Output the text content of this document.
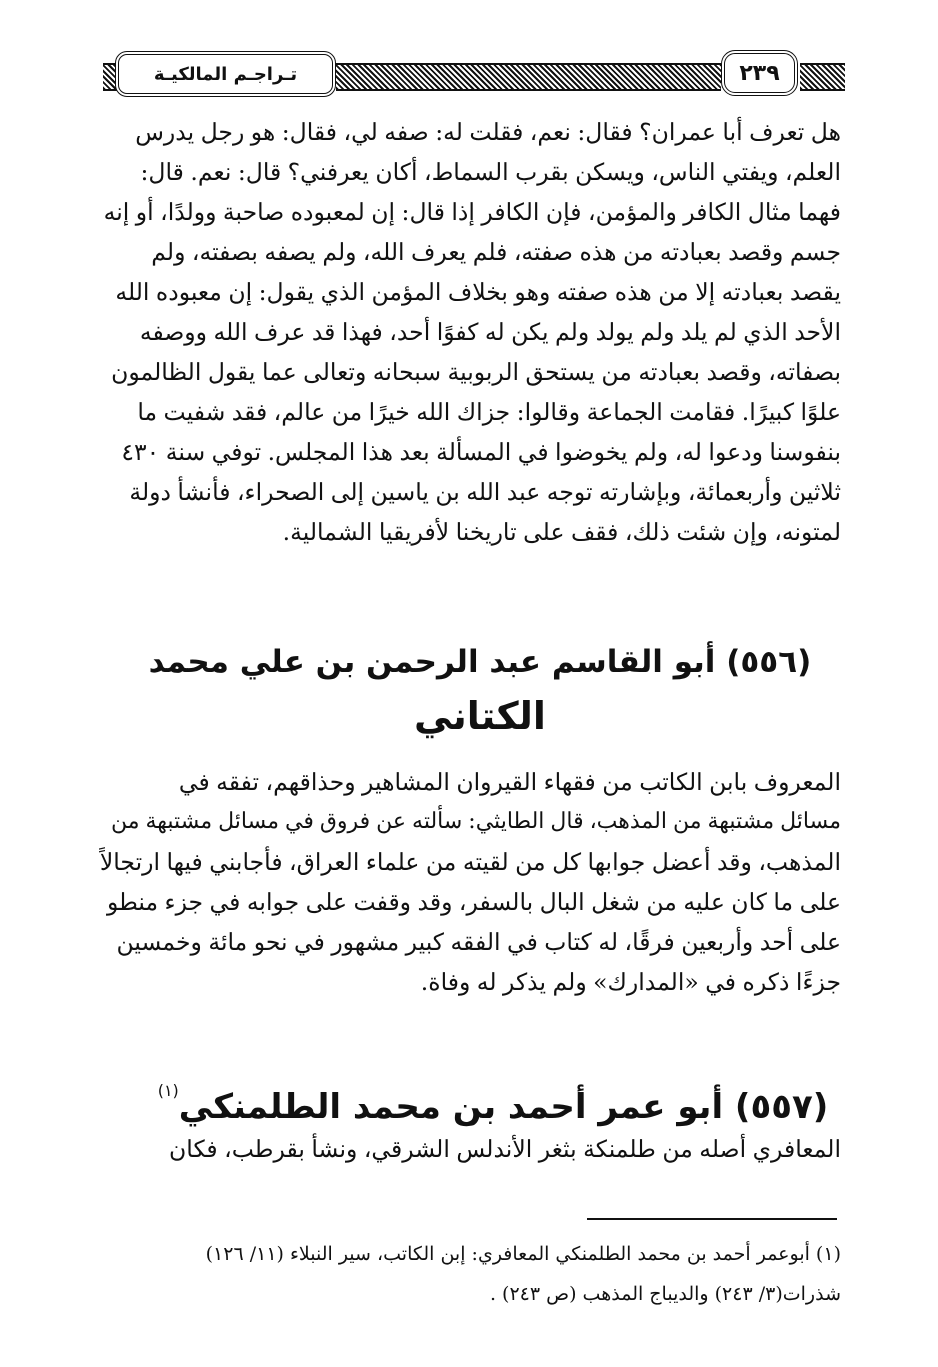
تـراجـم المالكيـة	٢٣٩
هل تعرف أبا عمران؟ فقال: نعم، فقلت له: صفه لي، فقال: هو رجل يدرس
العلم، ويفتي الناس، ويسكن بقرب السماط، أكان يعرفني؟ قال: نعم. قال:
فهما مثال الكافر والمؤمن، فإن الكافر إذا قال: إن لمعبوده صاحبة وولدًا، أو إنه
جسم وقصد بعبادته من هذه صفته، فلم يعرف الله، ولم يصفه بصفته، ولم
يقصد بعبادته إلا من هذه صفته وهو بخلاف المؤمن الذي يقول: إن معبوده الله
الأحد الذي لم يلد ولم يولد ولم يكن له كفوًا أحد، فهذا قد عرف الله ووصفه
بصفاته، وقصد بعبادته من يستحق الربوبية سبحانه وتعالى عما يقول الظالمون
علوًا كبيرًا. فقامت الجماعة وقالوا: جزاك الله خيرًا من عالم، فقد شفيت ما
بنفوسنا ودعوا له، ولم يخوضوا في المسألة بعد هذا المجلس. توفي سنة ٤٣٠
ثلاثين وأربعمائة، وبإشارته توجه عبد الله بن ياسين إلى الصحراء، فأنشأ دولة
لمتونه، وإن شئت ذلك، فقف على تاريخنا لأفريقيا الشمالية.
(٥٥٦) أبو القاسم عبد الرحمن بن علي محمد
الكتاني
المعروف بابن الكاتب من فقهاء القيروان المشاهير وحذاقهم، تفقه في
مسائل مشتبهة من المذهب، قال الطايثي: سألته عن فروق في مسائل مشتبهة من
المذهب، وقد أعضل جوابها كل من لقيته من علماء العراق، فأجابني فيها ارتجالاً
على ما كان عليه من شغل البال بالسفر، وقد وقفت على جوابه في جزء منطو
على أحد وأربعين فرقًا، له كتاب في الفقه كبير مشهور في نحو مائة وخمسين
جزءًا ذكره في «المدارك» ولم يذكر له وفاة.
(٥٥٧) أبو عمر أحمد بن محمد الطلمنكي$^{(١)}$
المعافري أصله من طلمنكة بثغر الأندلس الشرقي، ونشأ بقرطب، فكان
(١) أبوعمر أحمد بن محمد الطلمنكي المعافري: إبن الكاتب، سير النبلاء (١١/ ١٢٦)
شذرات(٣/ ٢٤٣) والديباج المذهب (ص ٢٤٣) .
